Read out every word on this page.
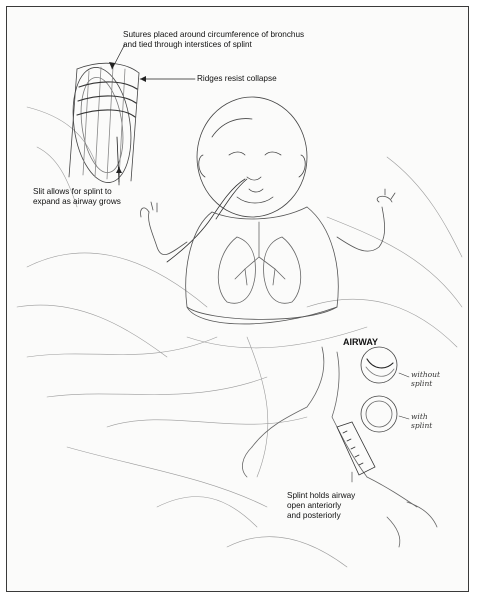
Sutures placed around circumference of bronchus
and tied through interstices of splint
Ridges resist collapse
Slit allows for splint to
expand as airway grows
AIRWAY
without
splint
with
splint
Splint holds airway
open anteriorly
and posteriorly
